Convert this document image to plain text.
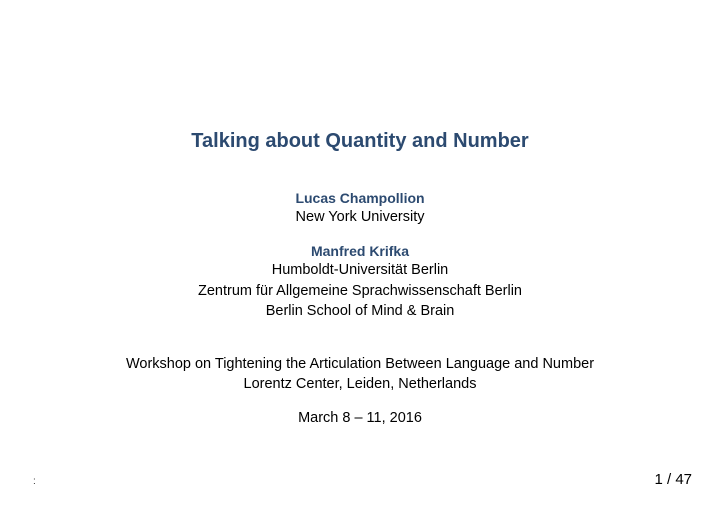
Talking about Quantity and Number
Lucas Champollion
New York University
Manfred Krifka
Humboldt-Universität Berlin
Zentrum für Allgemeine Sprachwissenschaft Berlin
Berlin School of Mind & Brain
Workshop on Tightening the Articulation Between Language and Number
Lorentz Center, Leiden, Netherlands
March 8 – 11, 2016
:	1 / 47
